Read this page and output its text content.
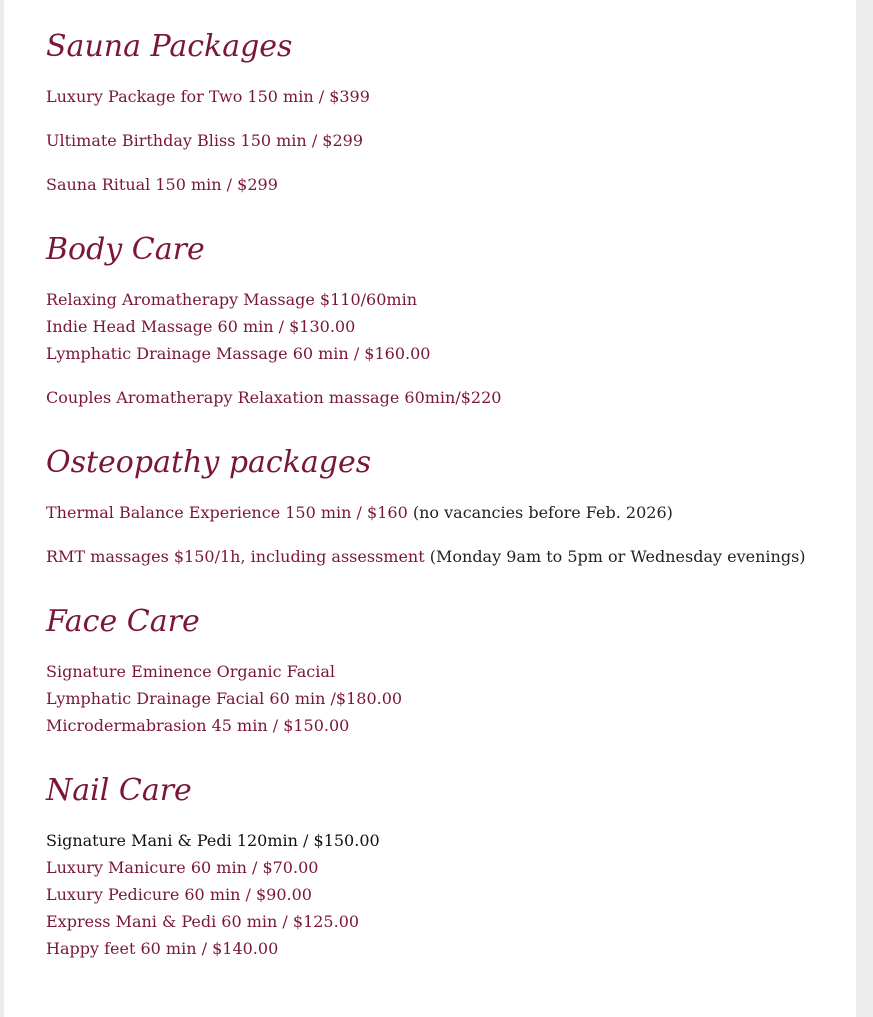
Sauna Packages
Luxury Package for Two 150 min / $399
Ultimate Birthday Bliss 150 min / $299
Sauna Ritual 150 min / $299
Body Care
Relaxing Aromatherapy Massage $110/60min
Indie Head Massage 60 min / $130.00
Lymphatic Drainage Massage 60 min / $160.00
Couples Aromatherapy Relaxation massage 60min/$220
Osteopathy packages
Thermal Balance Experience 150 min / $160 (no vacancies before Feb. 2026)
RMT massages $150/1h, including assessment (Monday 9am to 5pm or Wednesday evenings)
Face Care
Signature Eminence Organic Facial
Lymphatic Drainage Facial 60 min /$180.00
Microdermabrasion 45 min / $150.00
Nail Care
Signature Mani & Pedi 120min / $150.00
Luxury Manicure 60 min / $70.00
Luxury Pedicure 60 min / $90.00
Express Mani & Pedi 60 min / $125.00
Happy feet 60 min / $140.00
